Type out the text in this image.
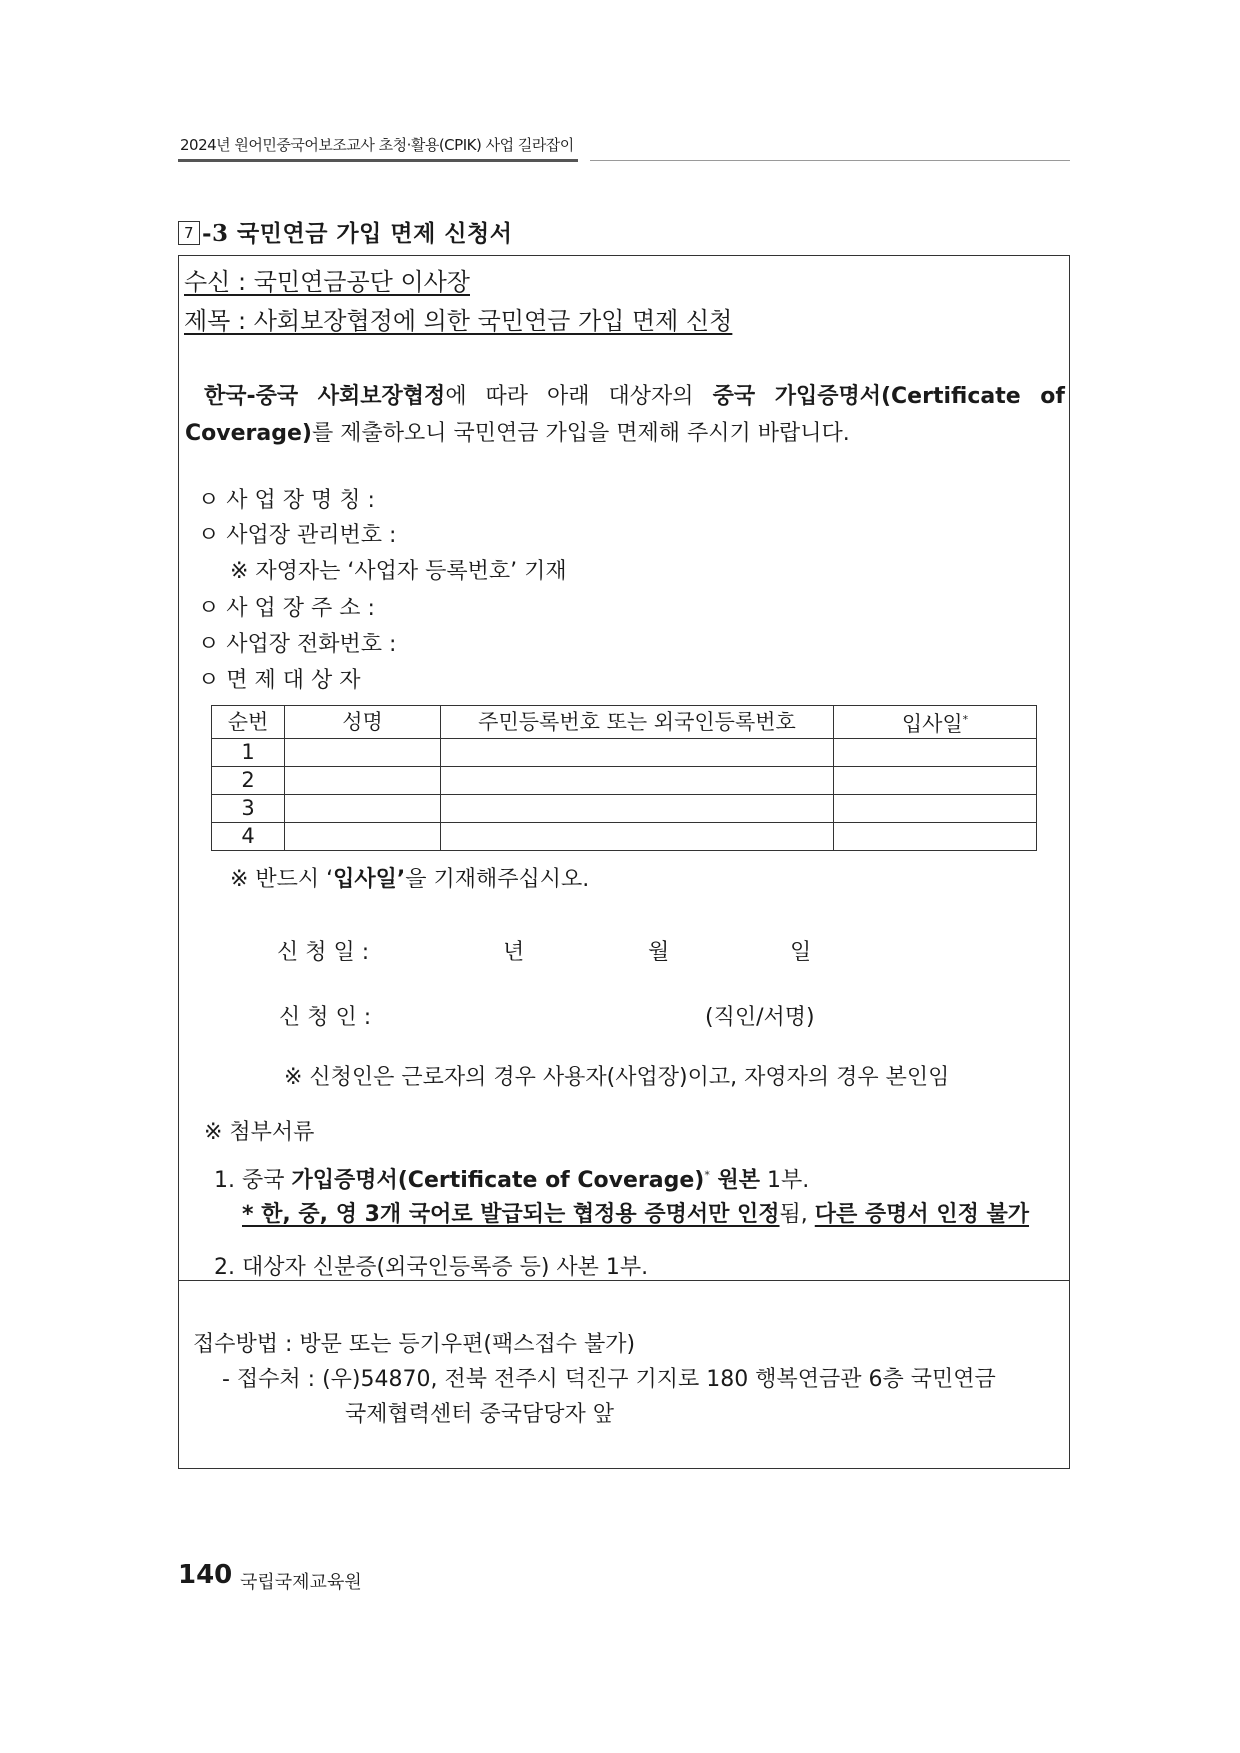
2024년 원어민중국어보조교사 초청·활용(CPIK) 사업 길라잡이
7 -3 국민연금 가입 면제 신청서
수신 : 국민연금공단 이사장
제목 : 사회보장협정에 의한 국민연금 가입 면제 신청
한국-중국 사회보장협정에 따라 아래 대상자의 중국 가입증명서(Certificate of
Coverage)를 제출하오니 국민연금 가입을 면제해 주시기 바랍니다.
ㅇ 사 업 장 명 칭 :
ㅇ 사업장 관리번호 :
※ 자영자는 ‘사업자 등록번호’ 기재
ㅇ 사 업 장 주 소 :
ㅇ 사업장 전화번호 :
ㅇ 면 제 대 상 자
순번	성명	주민등록번호 또는 외국인등록번호	입사일*
1			
2			
3			
4			
※ 반드시 ‘입사일’을 기재해주십시오.
신 청 일 :	년	월	일
신 청 인 :	(직인/서명)
※ 신청인은 근로자의 경우 사용자(사업장)이고, 자영자의 경우 본인임
※ 첨부서류
1. 중국 가입증명서(Certificate of Coverage)* 원본 1부.
* 한, 중, 영 3개 국어로 발급되는 협정용 증명서만 인정됨, 다른 증명서 인정 불가
2. 대상자 신분증(외국인등록증 등) 사본 1부.
접수방법 : 방문 또는 등기우편(팩스접수 불가)
- 접수처 : (우)54870, 전북 전주시 덕진구 기지로 180 행복연금관 6층 국민연금
국제협력센터 중국담당자 앞
140 국립국제교육원
